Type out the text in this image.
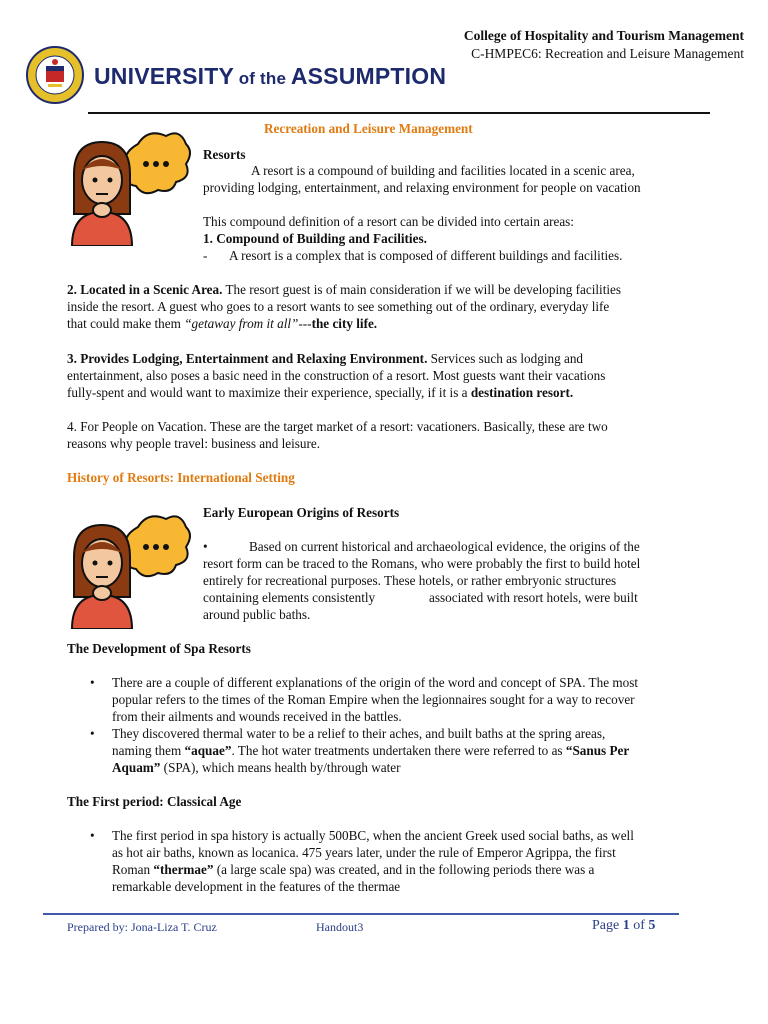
College of Hospitality and Tourism Management
C-HMPEC6: Recreation and Leisure Management
UNIVERSITY of the ASSUMPTION
Recreation and Leisure Management
Resorts
A resort is a compound of building and facilities located in a scenic area,
providing lodging, entertainment, and relaxing environment for people on vacation
This compound definition of a resort can be divided into certain areas:
1. Compound of Building and Facilities.
- A resort is a complex that is composed of different buildings and facilities.
2. Located in a Scenic Area. The resort guest is of main consideration if we will be developing facilities
inside the resort. A guest who goes to a resort wants to see something out of the ordinary, everyday life
that could make them “getaway from it all”---the city life.
3. Provides Lodging, Entertainment and Relaxing Environment. Services such as lodging and
entertainment, also poses a basic need in the construction of a resort. Most guests want their vacations
fully-spent and would want to maximize their experience, specially, if it is a destination resort.
4. For People on Vacation. These are the target market of a resort: vacationers. Basically, these are two
reasons why people travel: business and leisure.
History of Resorts: International Setting
Early European Origins of Resorts
•	Based on current historical and archaeological evidence, the origins of the
resort form can be traced to the Romans, who were probably the first to build hotel
entirely for recreational purposes. These hotels, or rather embryonic structures
containing elements consistently	associated with resort hotels, were built
around public baths.
The Development of Spa Resorts
• There are a couple of different explanations of the origin of the word and concept of SPA. The most
popular refers to the times of the Roman Empire when the legionnaires sought for a way to recover
from their ailments and wounds received in the battles.
• They discovered thermal water to be a relief to their aches, and built baths at the spring areas,
naming them “aquae”. The hot water treatments undertaken there were referred to as “Sanus Per
Aquam” (SPA), which means health by/through water
The First period: Classical Age
• The first period in spa history is actually 500BC, when the ancient Greek used social baths, as well
as hot air baths, known as locanica. 475 years later, under the rule of Emperor Agrippa, the first
Roman “thermae” (a large scale spa) was created, and in the following periods there was a
remarkable development in the features of the thermae
Prepared by: Jona-Liza T. Cruz	Handout3	Page 1 of 5
